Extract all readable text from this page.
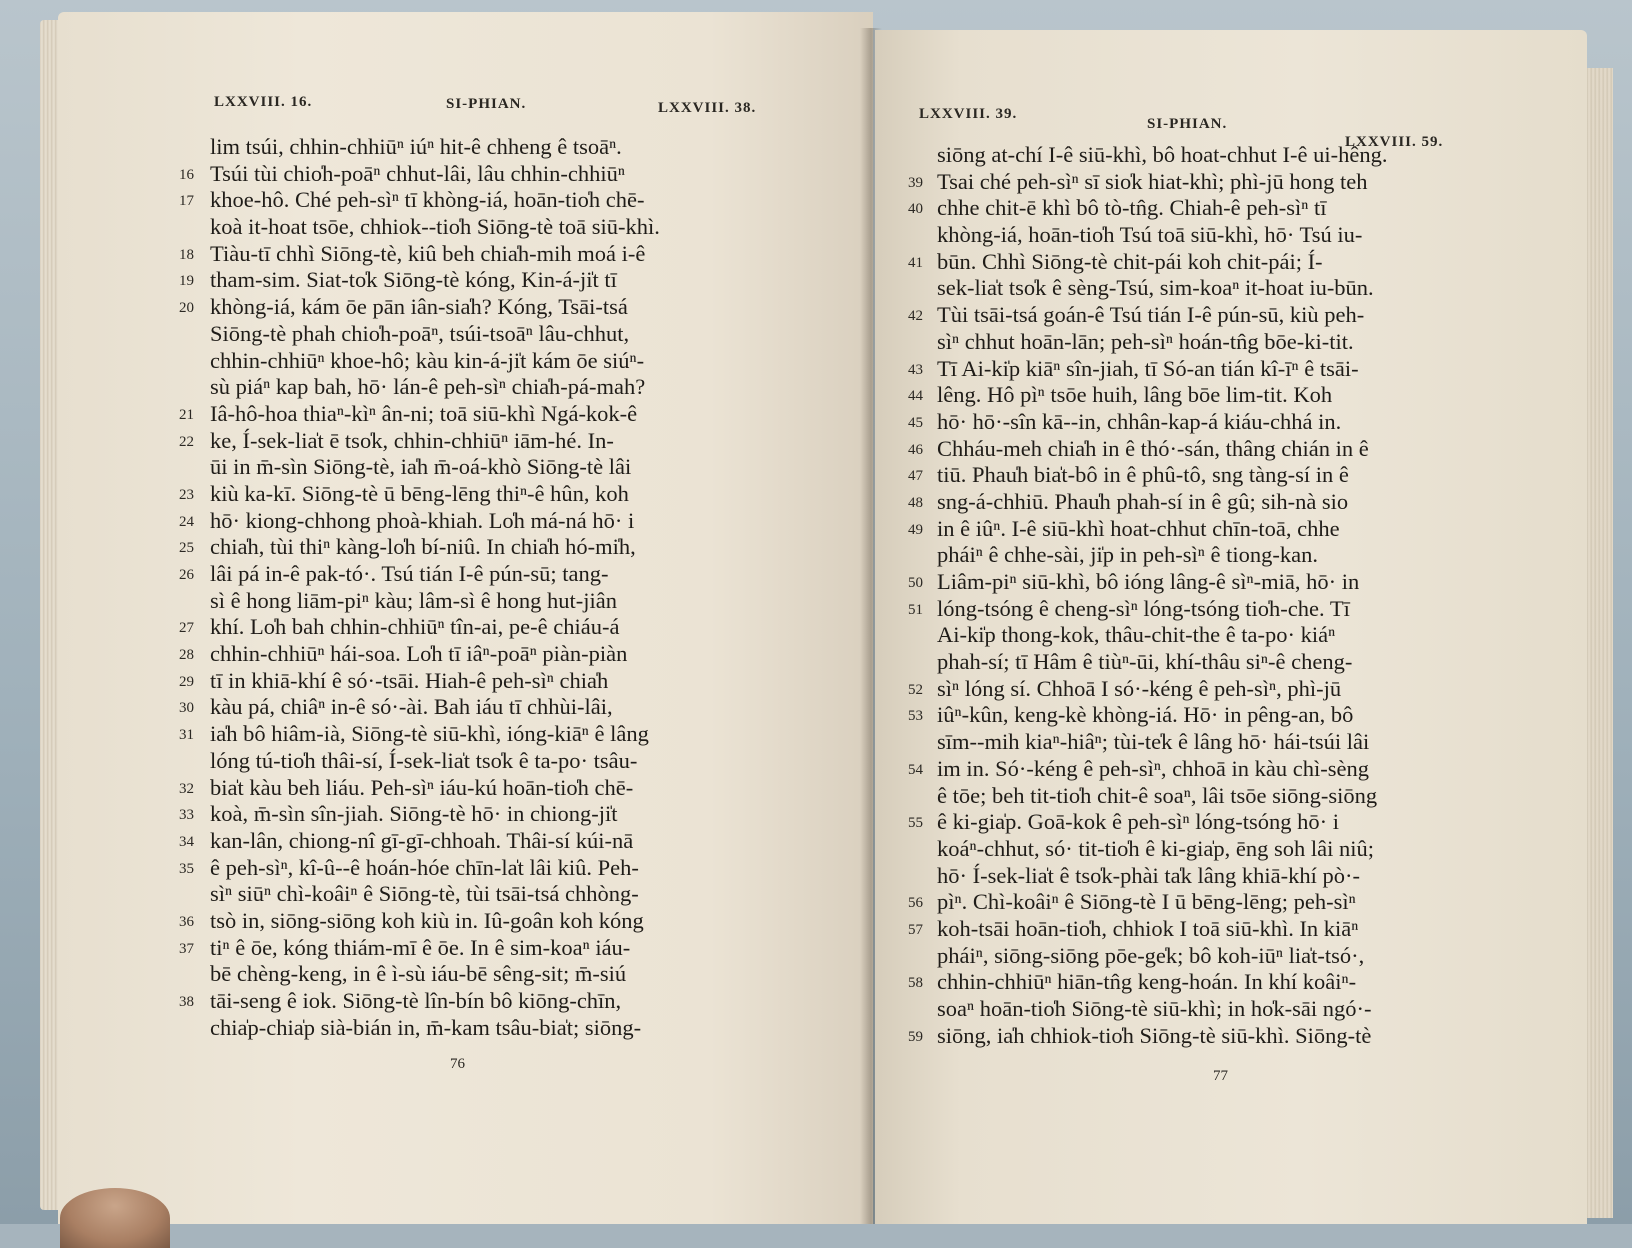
LXXVIII. 16.	SI-PHIAN.	LXXVIII. 38.
lim tsúi, chhin-chhiūⁿ iúⁿ hit-ê chheng ê tsoāⁿ.
16 Tsúi tùi chio̍h-poāⁿ chhut-lâi, lâu chhin-chhiūⁿ
17 khoe-hô. Ché peh-sìⁿ tī khòng-iá, hoān-tio̍h chē-
koà it-hoat tsōe, chhiok--tio̍h Siōng-tè toā siū-khì.
18 Tiàu-tī chhì Siōng-tè, kiû beh chia̍h-mih moá i-ê
19 tham-sim. Siat-to̍k Siōng-tè kóng, Kin-á-ji̍t tī
20 khòng-iá, kám ōe pān iân-sia̍h? Kóng, Tsāi-tsá
Siōng-tè phah chio̍h-poāⁿ, tsúi-tsoāⁿ lâu-chhut,
chhin-chhiūⁿ khoe-hô; kàu kin-á-ji̍t kám ōe siúⁿ-
sù piáⁿ kap bah, hō· lán-ê peh-sìⁿ chia̍h-pá-mah?
21 Iâ-hô-hoa thiaⁿ-kìⁿ ân-ni; toā siū-khì Ngá-kok-ê
22 ke, Í-sek-lia̍t ē tso̍k, chhin-chhiūⁿ iām-hé. In-
ūi in m̄-sìn Siōng-tè, ia̍h m̄-oá-khò Siōng-tè lâi
23 kiù ka-kī. Siōng-tè ū bēng-lēng thiⁿ-ê hûn, koh
24 hō· kiong-chhong phoà-khiah. Lo̍h má-ná hō· i
25 chia̍h, tùi thiⁿ kàng-lo̍h bí-niû. In chia̍h hó-mi̍h,
26 lâi pá in-ê pak-tó·. Tsú tián I-ê pún-sū; tang-
sì ê hong liām-piⁿ kàu; lâm-sì ê hong hut-jiân
27 khí. Lo̍h bah chhin-chhiūⁿ tîn-ai, pe-ê chiáu-á
28 chhin-chhiūⁿ hái-soa. Lo̍h tī iâⁿ-poāⁿ piàn-piàn
29 tī in khiā-khí ê só·-tsāi. Hiah-ê peh-sìⁿ chia̍h
30 kàu pá, chiâⁿ in-ê só·-ài. Bah iáu tī chhùi-lâi,
31 ia̍h bô hiâm-ià, Siōng-tè siū-khì, ióng-kiāⁿ ê lâng
lóng tú-tio̍h thâi-sí, Í-sek-lia̍t tso̍k ê ta-po· tsâu-
32 bia̍t kàu beh liáu. Peh-sìⁿ iáu-kú hoān-tio̍h chē-
33 koà, m̄-sìn sîn-jiah. Siōng-tè hō· in chiong-ji̍t
34 kan-lân, chiong-nî gī-gī-chhoah. Thâi-sí kúi-nā
35 ê peh-sìⁿ, kî-û--ê hoán-hóe chīn-la̍t lâi kiû. Peh-
sìⁿ siūⁿ chì-koâiⁿ ê Siōng-tè, tùi tsāi-tsá chhòng-
36 tsò in, siōng-siōng koh kiù in. Iû-goân koh kóng
37 tiⁿ ê ōe, kóng thiám-mī ê ōe. In ê sim-koaⁿ iáu-
bē chèng-keng, in ê ì-sù iáu-bē sêng-sit; m̄-siú
38 tāi-seng ê iok. Siōng-tè lîn-bín bô kiōng-chīn,
chia̍p-chia̍p sià-bián in, m̄-kam tsâu-bia̍t; siōng-
76
LXXVIII. 39.
SI-PHIAN.
LXXVIII. 59.
siōng at-chí I-ê siū-khì, bô hoat-chhut I-ê ui-hêng.
39 Tsai ché peh-sìⁿ sī sio̍k hiat-khì; phì-jū hong teh
40 chhe chit-ē khì bô tò-tn̂g. Chiah-ê peh-sìⁿ tī
khòng-iá, hoān-tio̍h Tsú toā siū-khì, hō· Tsú iu-
41 būn. Chhì Siōng-tè chit-pái koh chit-pái; Í-
sek-lia̍t tso̍k ê sèng-Tsú, sim-koaⁿ it-hoat iu-būn.
42 Tùi tsāi-tsá goán-ê Tsú tián I-ê pún-sū, kiù peh-
sìⁿ chhut hoān-lān; peh-sìⁿ hoán-tn̂g bōe-ki-tit.
43 Tī Ai-ki̍p kiāⁿ sîn-jiah, tī Só-an tián kî-īⁿ ê tsāi-
44 lêng. Hô pìⁿ tsōe huih, lâng bōe lim-tit. Koh
45 hō· hō·-sîn kā--in, chhân-kap-á kiáu-chhá in.
46 Chháu-meh chia̍h in ê thó·-sán, thâng chián in ê
47 tiū. Phau̍h bia̍t-bô in ê phû-tô, sng tàng-sí in ê
48 sng-á-chhiū. Phau̍h phah-sí in ê gû; sih-nà sio
49 in ê iûⁿ. I-ê siū-khì hoat-chhut chīn-toā, chhe
pháiⁿ ê chhe-sài, ji̍p in peh-sìⁿ ê tiong-kan.
50 Liâm-piⁿ siū-khì, bô ióng lâng-ê sìⁿ-miā, hō· in
51 lóng-tsóng ê cheng-sìⁿ lóng-tsóng tio̍h-che. Tī
Ai-ki̍p thong-kok, thâu-chit-the ê ta-po· kiáⁿ
phah-sí; tī Hâm ê tiùⁿ-ūi, khí-thâu siⁿ-ê cheng-
52 sìⁿ lóng sí. Chhoā I só·-kéng ê peh-sìⁿ, phì-jū
53 iûⁿ-kûn, keng-kè khòng-iá. Hō· in pêng-an, bô
sīm--mih kiaⁿ-hiâⁿ; tùi-te̍k ê lâng hō· hái-tsúi lâi
54 im in. Só·-kéng ê peh-sìⁿ, chhoā in kàu chì-sèng
ê tōe; beh tit-tio̍h chit-ê soaⁿ, lâi tsōe siōng-siōng
55 ê ki-gia̍p. Goā-kok ê peh-sìⁿ lóng-tsóng hō· i
koáⁿ-chhut, só· tit-tio̍h ê ki-gia̍p, ēng soh lâi niû;
hō· Í-sek-lia̍t ê tso̍k-phài ta̍k lâng khiā-khí pò·-
56 pìⁿ. Chì-koâiⁿ ê Siōng-tè I ū bēng-lēng; peh-sìⁿ
57 koh-tsāi hoān-tio̍h, chhiok I toā siū-khì. In kiāⁿ
pháiⁿ, siōng-siōng pōe-ge̍k; bô koh-iūⁿ lia̍t-tsó·,
58 chhin-chhiūⁿ hiān-tn̂g keng-hoán. In khí koâiⁿ-
soaⁿ hoān-tio̍h Siōng-tè siū-khì; in ho̍k-sāi ngó·-
59 siōng, ia̍h chhiok-tio̍h Siōng-tè siū-khì. Siōng-tè
77
